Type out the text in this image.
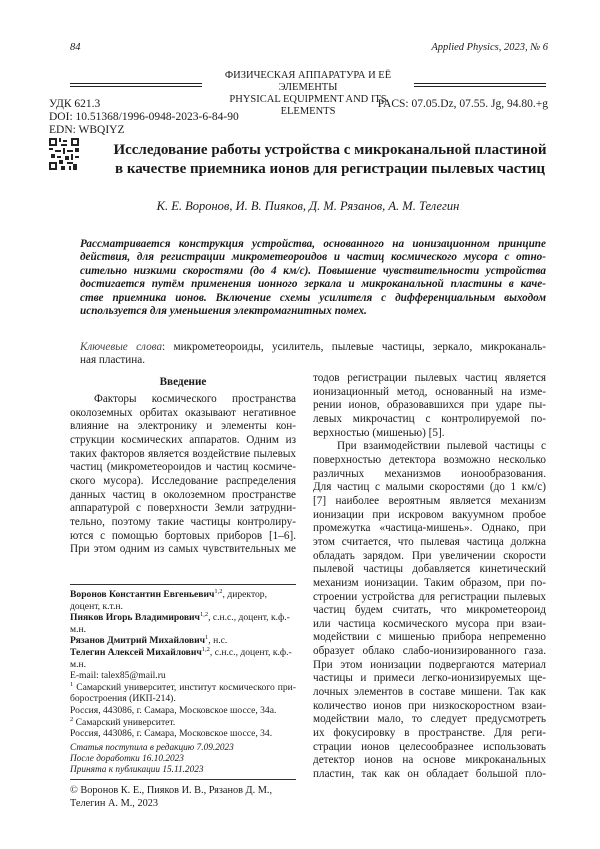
84	Applied Physics, 2023, № 6
ФИЗИЧЕСКАЯ АППАРАТУРА И ЕЁ ЭЛЕМЕНТЫ
PHYSICAL EQUIPMENT AND ITS ELEMENTS
УДК 621.3
DOI: 10.51368/1996-0948-2023-6-84-90
EDN: WBQIYZ
PACS: 07.05.Dz, 07.55. Jg, 94.80.+g
Исследование работы устройства с микроканальной пластиной
в качестве приемника ионов для регистрации пылевых частиц
К. Е. Воронов, И. В. Пияков, Д. М. Рязанов, А. М. Телегин
Рассматривается конструкция устройства, основанного на ионизационном принципе
действия, для регистрации микрометеороидов и частиц космического мусора с отно-
сительно низкими скоростями (до 4 км/с). Повышение чувствительности устройства
достигается путём применения ионного зеркала и микроканальной пластины в каче-
стве приемника ионов. Включение схемы усилителя с дифференциальным выходом
используется для уменьшения электромагнитных помех.
Ключевые слова: микрометеороиды, усилитель, пылевые частицы, зеркало, микроканаль-
ная пластина.
Введение
Факторы космического пространства
околоземных орбитах оказывают негативное
влияние на электронику и элементы кон-
струкции космических аппаратов. Одним из
таких факторов является воздействие пылевых
частиц (микрометеороидов и частиц космиче-
ского мусора). Исследование распределения
данных частиц в околоземном пространстве
аппаратурой с поверхности Земли затрудни-
тельно, поэтому такие частицы контролиру-
ются с помощью бортовых приборов [1–6].
При этом одним из самых чувствительных ме
тодов регистрации пылевых частиц является
ионизационный метод, основанный на изме-
рении ионов, образовавшихся при ударе пы-
левых микрочастиц с контролируемой по-
верхностью (мишенью) [5].
При взаимодействии пылевой частицы с
поверхностью детектора возможно несколько
различных механизмов ионообразования.
Для частиц с малыми скоростями (до 1 км/с)
[7] наиболее вероятным является механизм
ионизации при искровом вакуумном пробое
промежутка «частица-мишень». Однако, при
этом считается, что пылевая частица должна
обладать зарядом. При увеличении скорости
пылевой частицы добавляется кинетический
механизм ионизации. Таким образом, при по-
строении устройства для регистрации пылевых
частиц будем считать, что микрометеороид
или частица космического мусора при взаи-
модействии с мишенью прибора непременно
образует облако слабо-ионизированного газа.
При этом ионизации подвергаются материал
частицы и примеси легко-ионизируемых ще-
лочных элементов в составе мишени. Так как
количество ионов при низкоскоростном взаи-
модействии мало, то следует предусмотреть
их фокусировку в пространстве. Для реги-
страции ионов целесообразнее использовать
детектор ионов на основе микроканальных
пластин, так как он обладает большой пло-
Воронов Константин Евгеньевич1,2, директор, доцент, к.т.н.
Пияков Игорь Владимирович1,2, с.н.с., доцент, к.ф.-м.н.
Рязанов Дмитрий Михайлович1, н.с.
Телегин Алексей Михайлович1,2, с.н.с., доцент, к.ф.-м.н.
E-mail: talex85@mail.ru
1 Самарский университет, институт космического при-
боростроения (ИКП-214).
Россия, 443086, г. Самара, Московское шоссе, 34а.
2 Самарский университет.
Россия, 443086, г. Самара, Московское шоссе, 34.
Статья поступила в редакцию 7.09.2023
После доработки 16.10.2023
Принята к публикации 15.11.2023
© Воронов К. Е., Пияков И. В., Рязанов Д. М.,
Телегин А. М., 2023
